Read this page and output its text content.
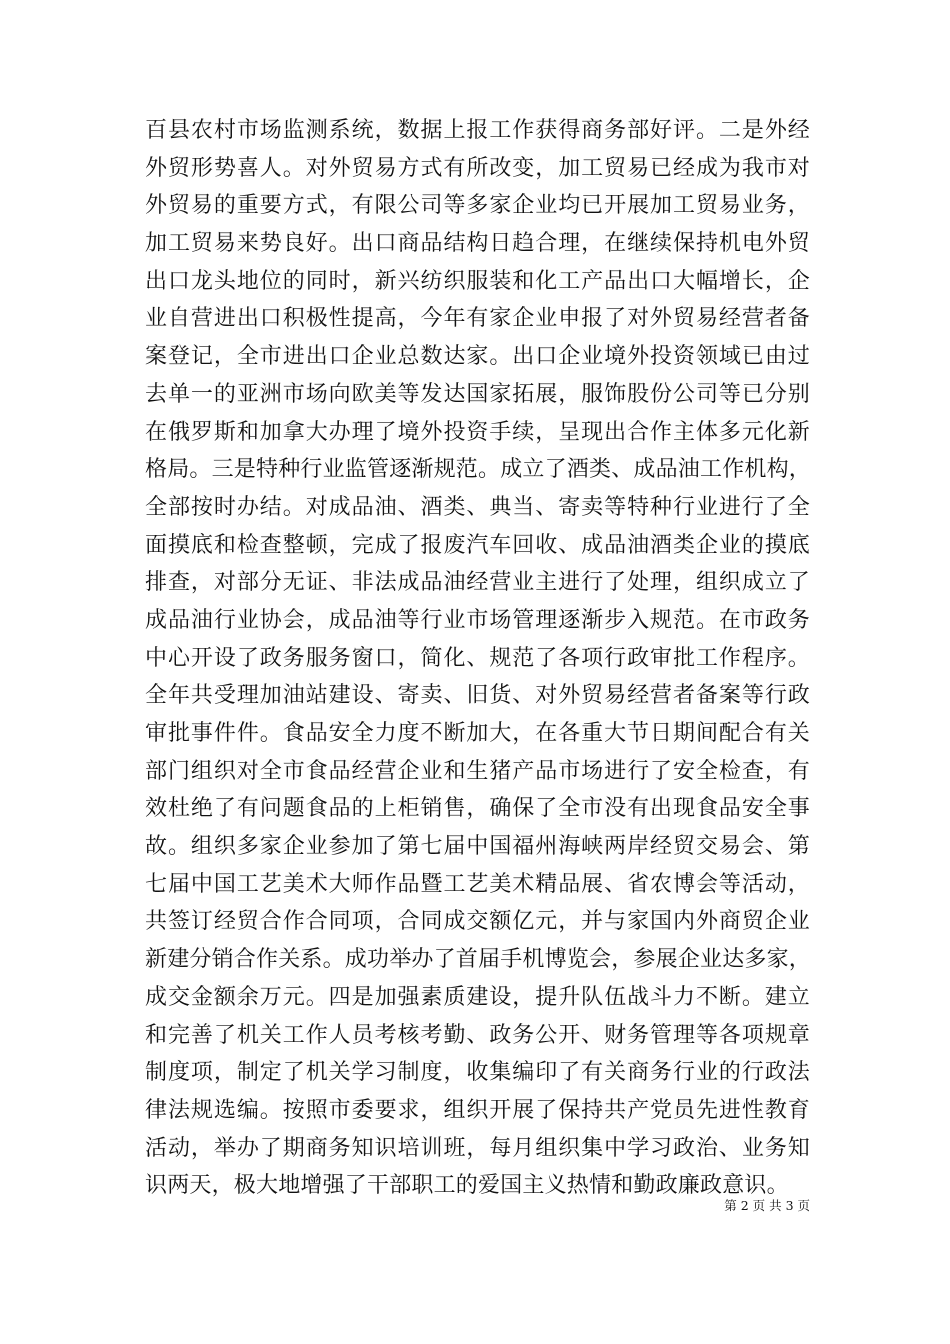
百县农村市场监测系统，数据上报工作获得商务部好评。二是外经
外贸形势喜人。对外贸易方式有所改变，加工贸易已经成为我市对
外贸易的重要方式，有限公司等多家企业均已开展加工贸易业务，
加工贸易来势良好。出口商品结构日趋合理，在继续保持机电外贸
出口龙头地位的同时，新兴纺织服装和化工产品出口大幅增长，企
业自营进出口积极性提高，今年有家企业申报了对外贸易经营者备
案登记，全市进出口企业总数达家。出口企业境外投资领域已由过
去单一的亚洲市场向欧美等发达国家拓展，服饰股份公司等已分别
在俄罗斯和加拿大办理了境外投资手续，呈现出合作主体多元化新
格局。三是特种行业监管逐渐规范。成立了酒类、成品油工作机构，
全部按时办结。对成品油、酒类、典当、寄卖等特种行业进行了全
面摸底和检查整顿，完成了报废汽车回收、成品油酒类企业的摸底
排查，对部分无证、非法成品油经营业主进行了处理，组织成立了
成品油行业协会，成品油等行业市场管理逐渐步入规范。在市政务
中心开设了政务服务窗口，简化、规范了各项行政审批工作程序。
全年共受理加油站建设、寄卖、旧货、对外贸易经营者备案等行政
审批事件件。食品安全力度不断加大，在各重大节日期间配合有关
部门组织对全市食品经营企业和生猪产品市场进行了安全检查，有
效杜绝了有问题食品的上柜销售，确保了全市没有出现食品安全事
故。组织多家企业参加了第七届中国福州海峡两岸经贸交易会、第
七届中国工艺美术大师作品暨工艺美术精品展、省农博会等活动，
共签订经贸合作合同项，合同成交额亿元，并与家国内外商贸企业
新建分销合作关系。成功举办了首届手机博览会，参展企业达多家，
成交金额余万元。四是加强素质建设，提升队伍战斗力不断。建立
和完善了机关工作人员考核考勤、政务公开、财务管理等各项规章
制度项，制定了机关学习制度，收集编印了有关商务行业的行政法
律法规选编。按照市委要求，组织开展了保持共产党员先进性教育
活动，举办了期商务知识培训班，每月组织集中学习政治、业务知
识两天，极大地增强了干部职工的爱国主义热情和勤政廉政意识。
第 2 页 共 3 页
